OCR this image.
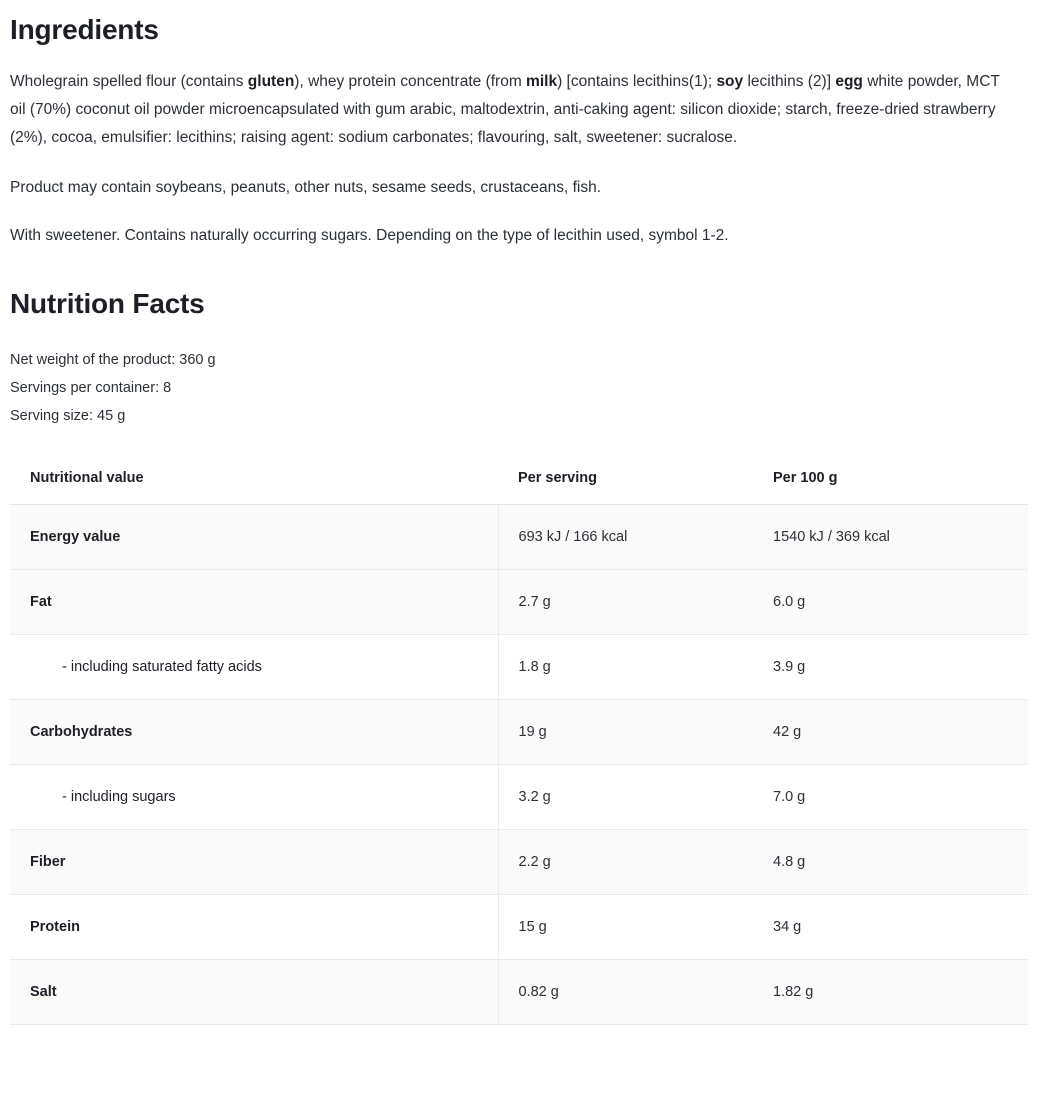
Ingredients

Wholegrain spelled flour (contains gluten), whey protein concentrate (from milk) [contains lecithins(1); soy lecithins (2)] egg white powder, MCT oil (70%) coconut oil powder microencapsulated with gum arabic, maltodextrin, anti-caking agent: silicon dioxide; starch, freeze-dried strawberry (2%), cocoa, emulsifier: lecithins; raising agent: sodium carbonates; flavouring, salt, sweetener: sucralose.

Product may contain soybeans, peanuts, other nuts, sesame seeds, crustaceans, fish.

With sweetener. Contains naturally occurring sugars. Depending on the type of lecithin used, symbol 1-2.

Nutrition Facts

Net weight of the product: 360 g

Servings per container: 8

Serving size: 45 g

Nutritional value	Per serving	Per 100 g
Energy value	693 kJ / 166 kcal	1540 kJ / 369 kcal
Fat	2.7 g	6.0 g
- including saturated fatty acids	1.8 g	3.9 g
Carbohydrates	19 g	42 g
- including sugars	3.2 g	7.0 g
Fiber	2.2 g	4.8 g
Protein	15 g	34 g
Salt	0.82 g	1.82 g
